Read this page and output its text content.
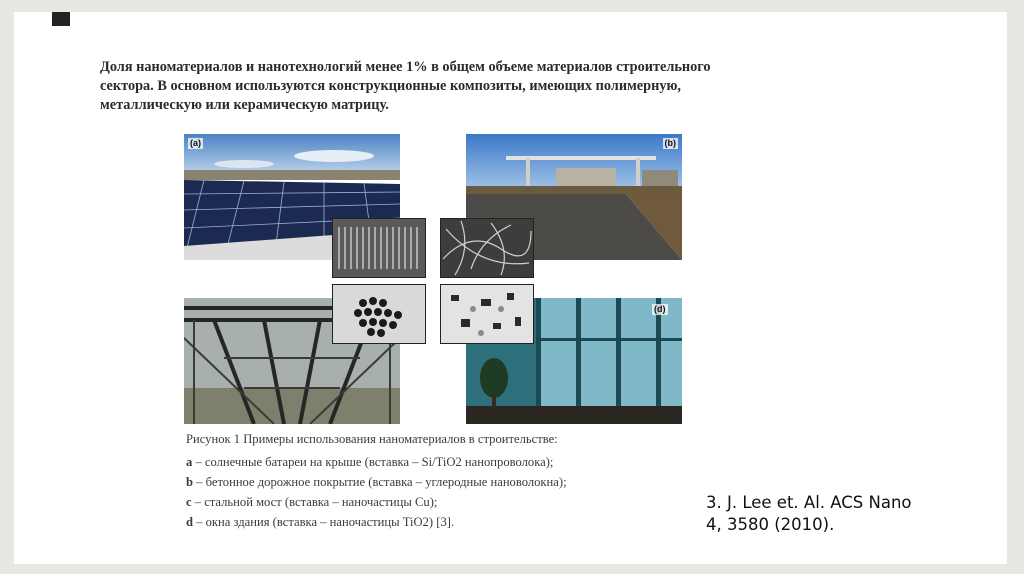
Доля наноматериалов и нанотехнологий менее 1% в общем объеме материалов строительного
сектора. В основном используются конструкционные композиты, имеющих полимерную,
металлическую или керамическую матрицу.

(a)	(b)
(d)

Рисунок 1 Примеры использования наноматериалов в строительстве:

a – солнечные батареи на крыше (вставка – Si/TiO2 нанопроволока);

b – бетонное дорожное покрытие (вставка – углеродные нановолокна);

c – стальной мост (вставка – наночастицы Cu);

d – окна здания (вставка – наночастицы TiO2) [3].

3. J. Lee et. Al. ACS Nano

4, 3580 (2010).
